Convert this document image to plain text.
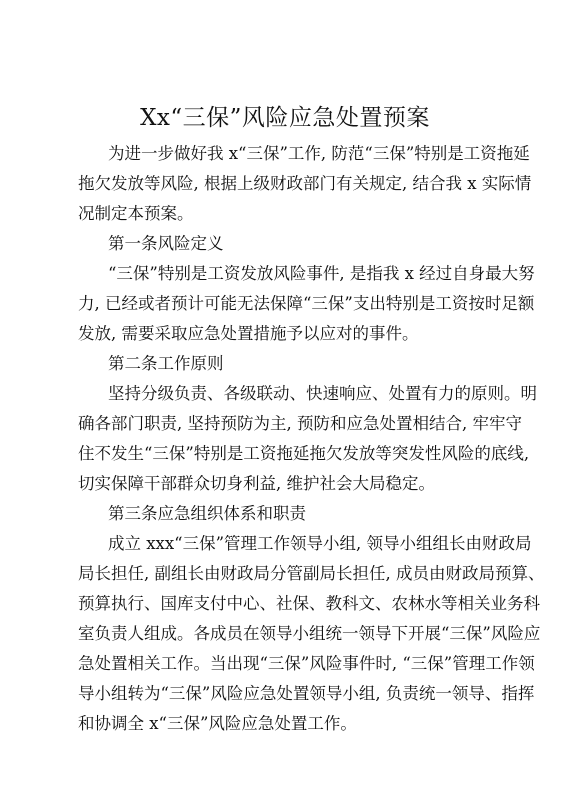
Xx“三保”风险应急处置预案
为进一步做好我 x“三保”工作, 防范“三保”特别是工资拖延
拖欠发放等风险, 根据上级财政部门有关规定, 结合我 x 实际情
况制定本预案。
第一条风险定义
“三保”特别是工资发放风险事件, 是指我 x 经过自身最大努
力, 已经或者预计可能无法保障“三保”支出特别是工资按时足额
发放, 需要采取应急处置措施予以应对的事件。
第二条工作原则
坚持分级负责、各级联动、快速响应、处置有力的原则。明
确各部门职责, 坚持预防为主, 预防和应急处置相结合, 牢牢守
住不发生“三保”特别是工资拖延拖欠发放等突发性风险的底线,
切实保障干部群众切身利益, 维护社会大局稳定。
第三条应急组织体系和职责
成立 xxx“三保”管理工作领导小组, 领导小组组长由财政局
局长担任, 副组长由财政局分管副局长担任, 成员由财政局预算、
预算执行、国库支付中心、社保、教科文、农林水等相关业务科
室负责人组成。各成员在领导小组统一领导下开展“三保”风险应
急处置相关工作。当出现“三保”风险事件时, “三保”管理工作领
导小组转为“三保”风险应急处置领导小组, 负责统一领导、指挥
和协调全 x“三保”风险应急处置工作。
